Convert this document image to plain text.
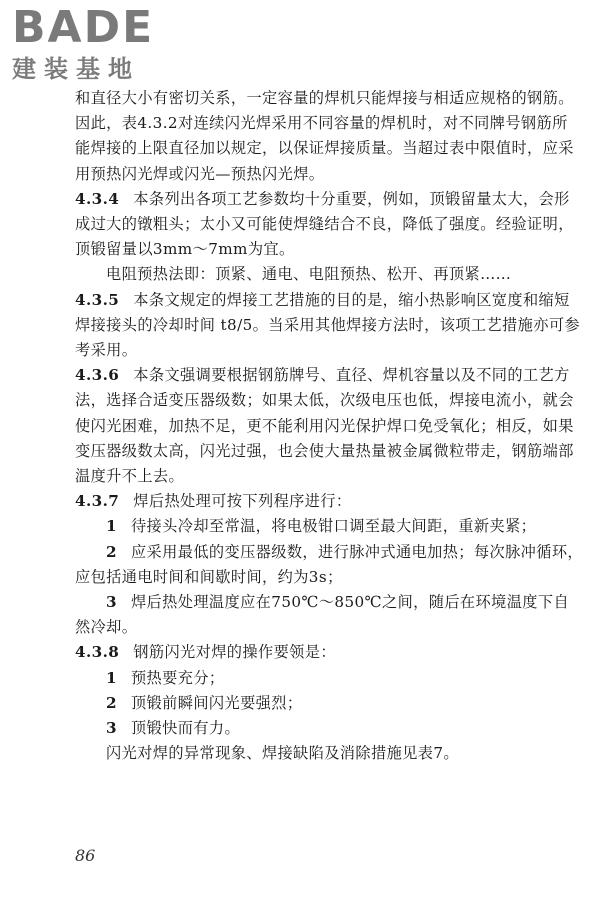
BADE
建装基地

和直径大小有密切关系，一定容量的焊机只能焊接与相适应规格的钢筋。因此，表4.3.2对连续闪光焊采用不同容量的焊机时，对不同牌号钢筋所能焊接的上限直径加以规定，以保证焊接质量。当超过表中限值时，应采用预热闪光焊或闪光—预热闪光焊。

4.3.4 本条列出各项工艺参数均十分重要，例如，顶锻留量太大，会形成过大的镦粗头；太小又可能使焊缝结合不良，降低了强度。经验证明，顶锻留量以3mm～7mm为宜。

电阻预热法即：顶紧、通电、电阻预热、松开、再顶紧……

4.3.5 本条文规定的焊接工艺措施的目的是，缩小热影响区宽度和缩短焊接接头的冷却时间 t8/5。当采用其他焊接方法时，该项工艺措施亦可参考采用。

4.3.6 本条文强调要根据钢筋牌号、直径、焊机容量以及不同的工艺方法，选择合适变压器级数；如果太低，次级电压也低，焊接电流小，就会使闪光困难，加热不足，更不能利用闪光保护焊口免受氧化；相反，如果变压器级数太高，闪光过强，也会使大量热量被金属微粒带走，钢筋端部温度升不上去。

4.3.7 焊后热处理可按下列程序进行：

1 待接头冷却至常温，将电极钳口调至最大间距，重新夹紧；

2 应采用最低的变压器级数，进行脉冲式通电加热；每次脉冲循环，应包括通电时间和间歇时间，约为3s；

3 焊后热处理温度应在750℃～850℃之间，随后在环境温度下自然冷却。

4.3.8 钢筋闪光对焊的操作要领是：

1 预热要充分；

2 顶锻前瞬间闪光要强烈；

3 顶锻快而有力。

闪光对焊的异常现象、焊接缺陷及消除措施见表7。

86
